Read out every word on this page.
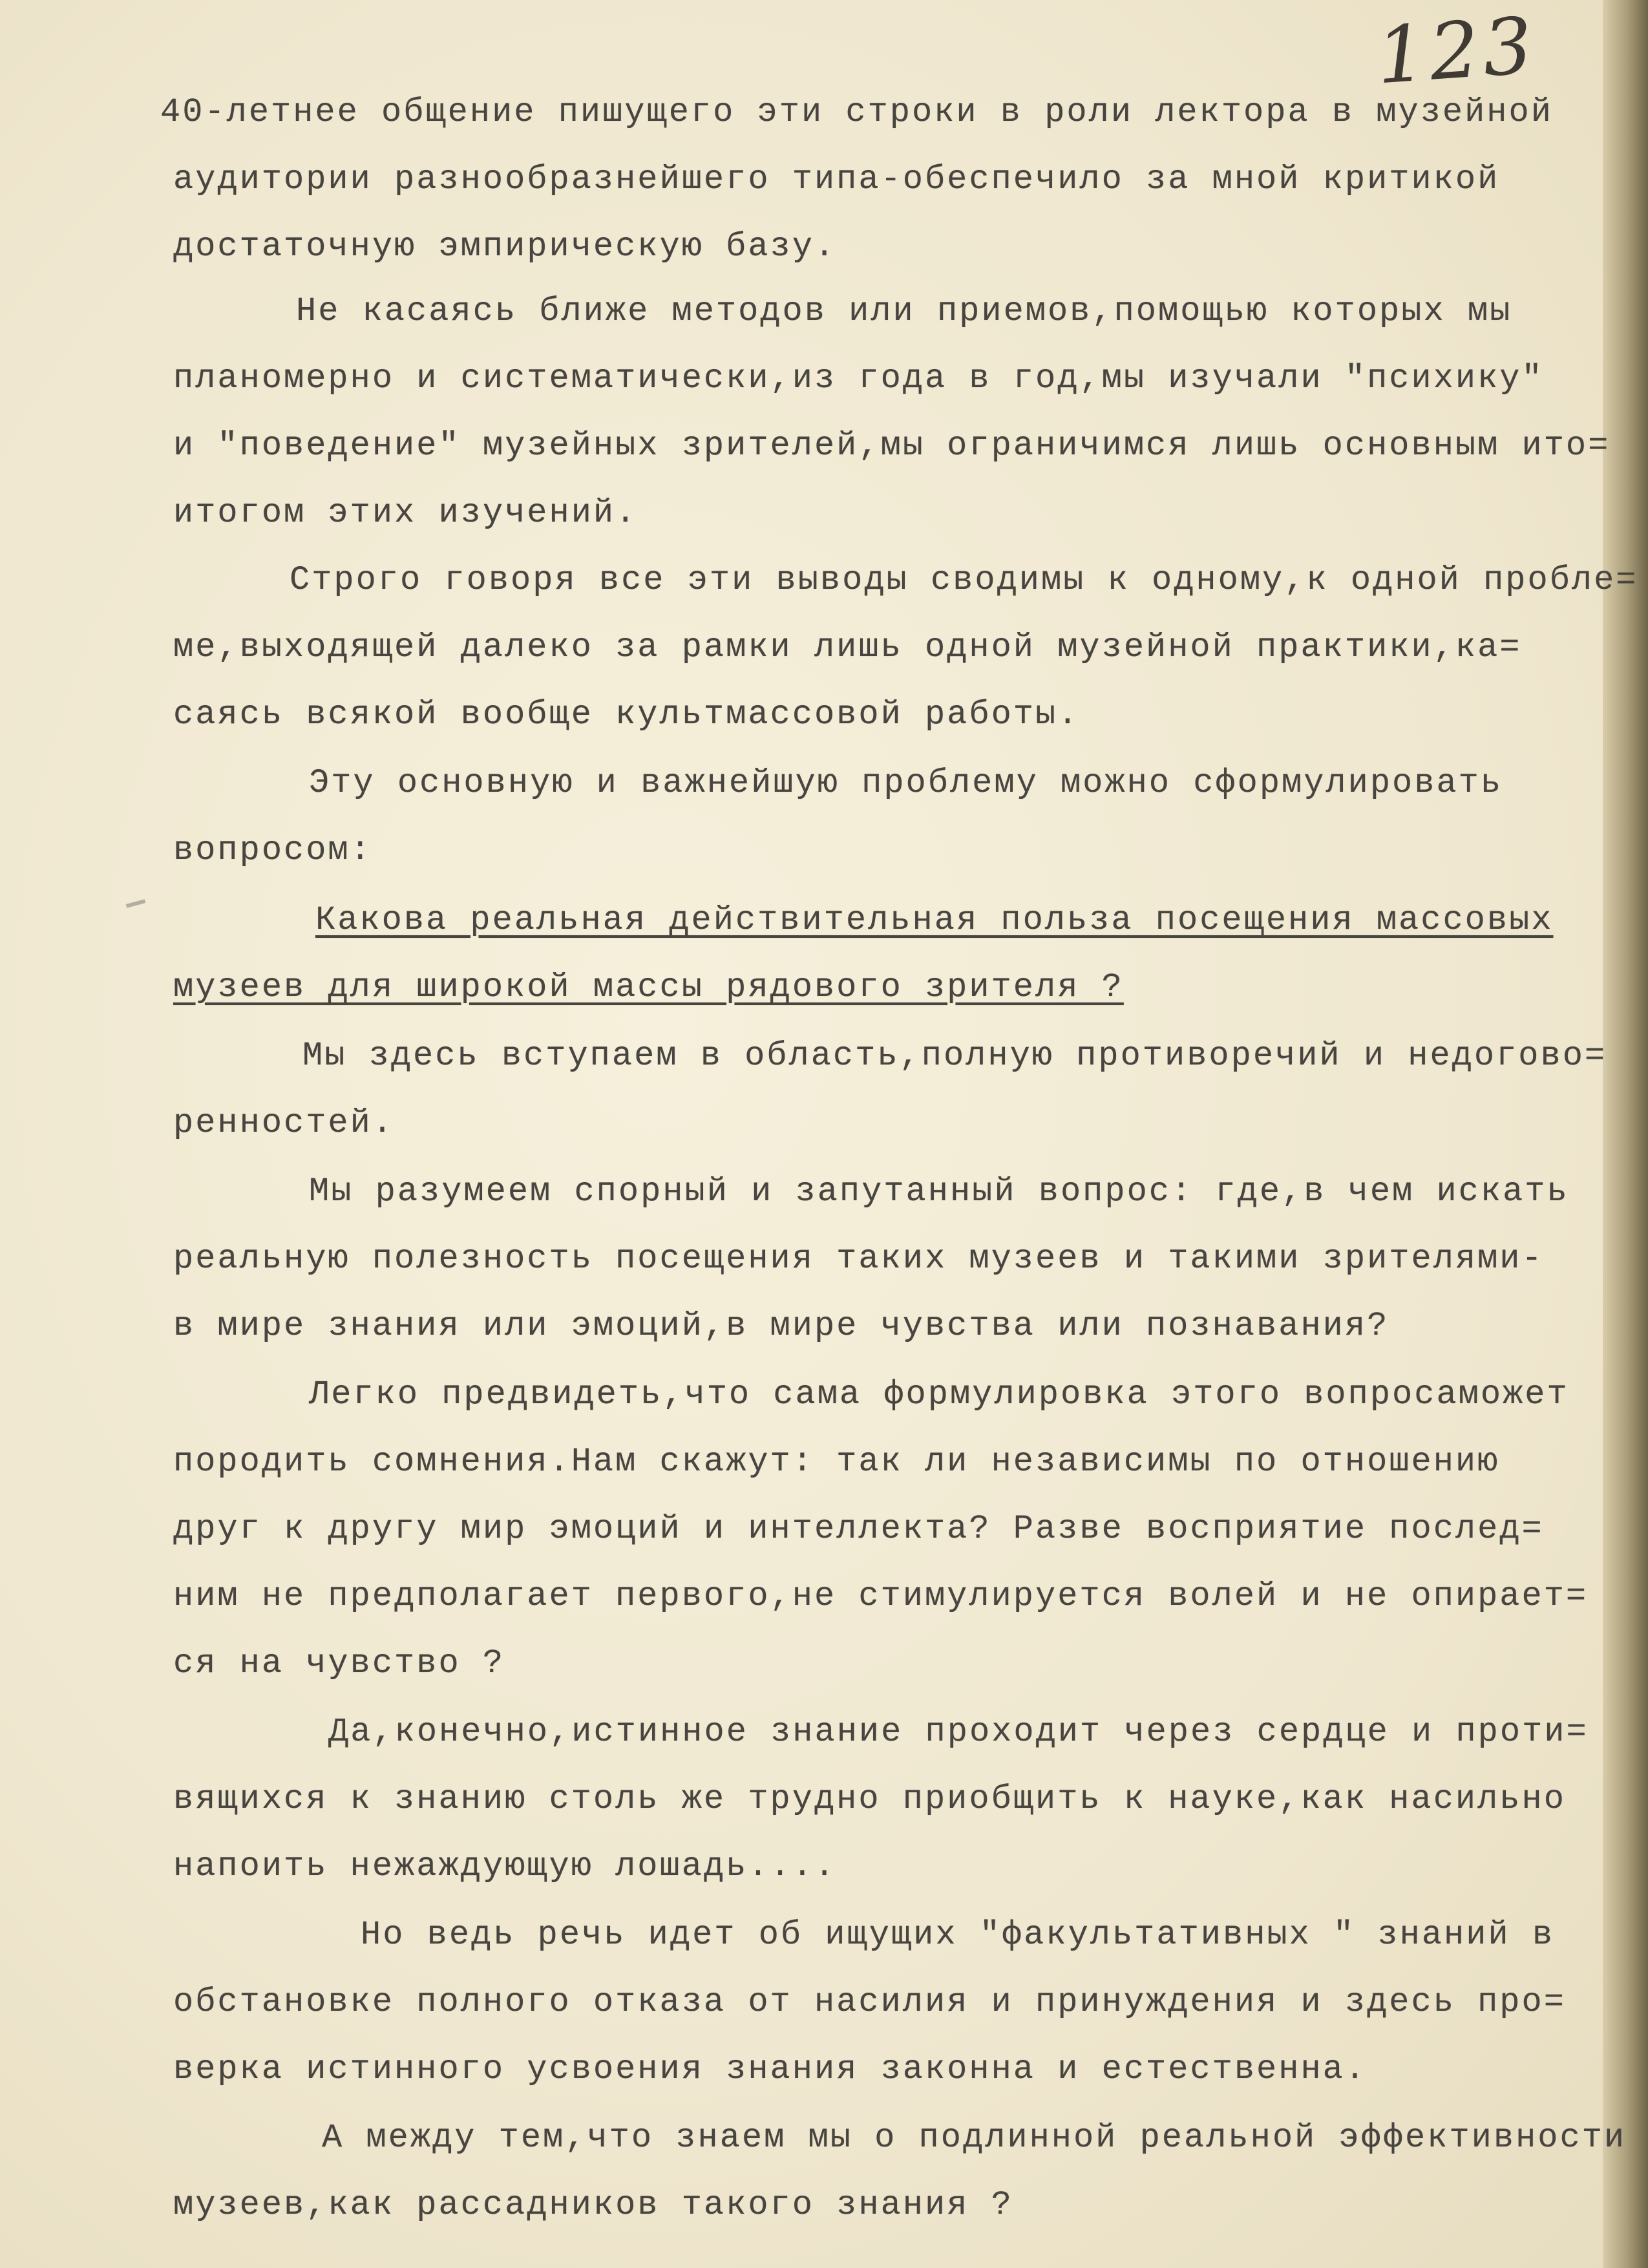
123
40-летнее общение пишущего эти строки в роли лектора в музейной
аудитории разнообразнейшего типа-обеспечило за мной критикой
достаточную эмпирическую базу.
Не касаясь ближе методов или приемов,помощью которых мы
планомерно и систематически,из года в год,мы изучали "психику"
и "поведение" музейных зрителей,мы ограничимся лишь основным ито=
итогом этих изучений.
Строго говоря все эти выводы сводимы к одному,к одной пробле=
ме,выходящей далеко за рамки лишь одной музейной практики,ка=
саясь всякой вообще культмассовой работы.
Эту основную и важнейшую проблему можно сформулировать
вопросом:
Какова реальная действительная польза посещения массовых
музеев для широкой массы рядового зрителя ?
Мы здесь вступаем в область,полную противоречий и недогово=
ренностей.
Мы разумеем спорный и запутанный вопрос: где,в чем искать
реальную полезность посещения таких музеев и такими зрителями-
в мире знания или эмоций,в мире чувства или познавания?
Легко предвидеть,что сама формулировка этого вопросаможет
породить сомнения.Нам скажут: так ли независимы по отношению
друг к другу мир эмоций и интеллекта? Разве восприятие послед=
ним не предполагает первого,не стимулируется волей и не опирает=
ся на чувство ?
Да,конечно,истинное знание проходит через сердце и проти=
вящихся к знанию столь же трудно приобщить к науке,как насильно
напоить нежаждующую лошадь....
Но ведь речь идет об ищущих "факультативных " знаний в
обстановке полного отказа от насилия и принуждения и здесь про=
верка истинного усвоения знания законна и естественна.
А между тем,что знаем мы о подлинной реальной эффективности
музеев,как рассадников такого знания ?
